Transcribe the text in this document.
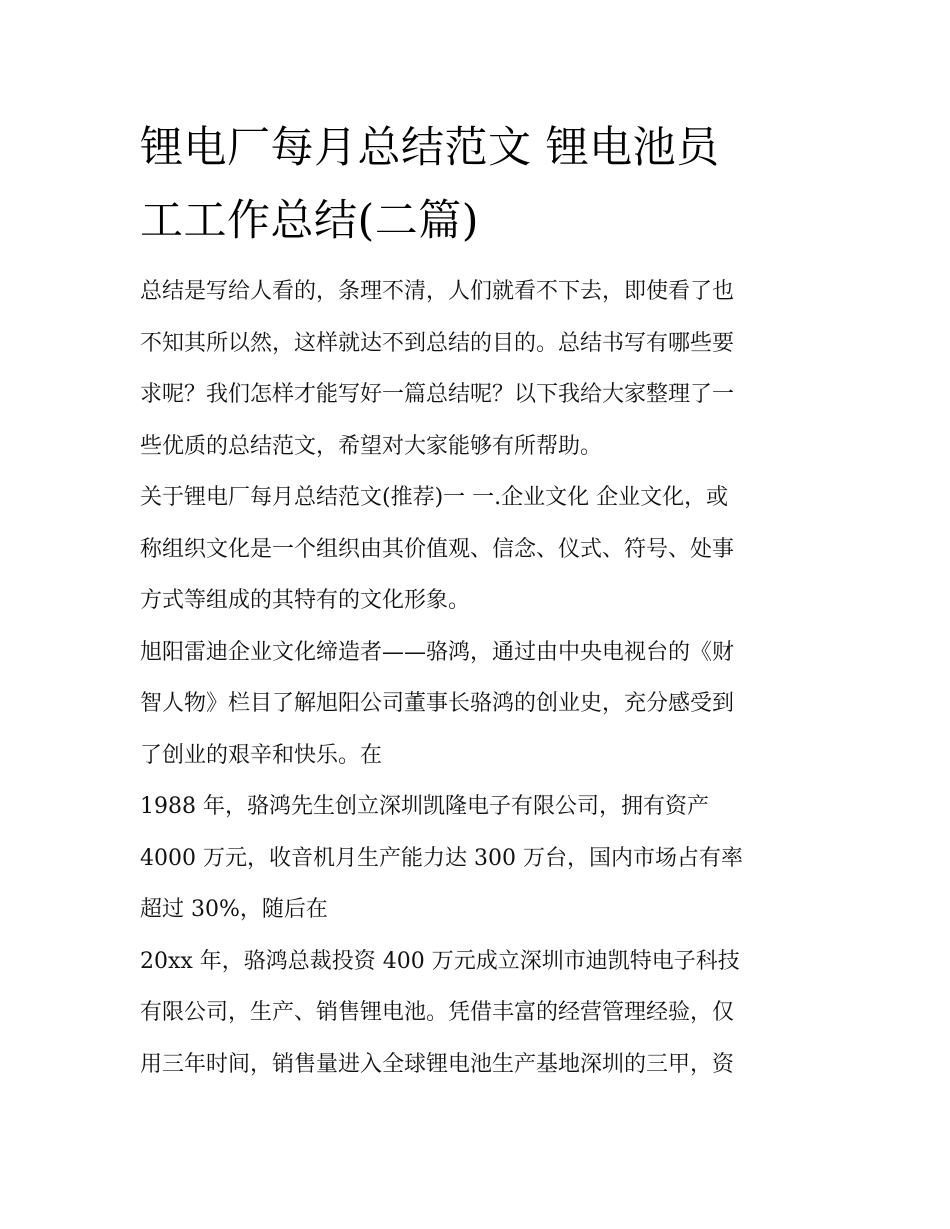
锂电厂每月总结范文 锂电池员
工工作总结(二篇)

总结是写给人看的，条理不清，人们就看不下去，即使看了也
不知其所以然，这样就达不到总结的目的。总结书写有哪些要
求呢？我们怎样才能写好一篇总结呢？以下我给大家整理了一
些优质的总结范文，希望对大家能够有所帮助。

关于锂电厂每月总结范文(推荐)一 一.企业文化 企业文化，或
称组织文化是一个组织由其价值观、信念、仪式、符号、处事
方式等组成的其特有的文化形象。

旭阳雷迪企业文化缔造者——骆鸿，通过由中央电视台的《财
智人物》栏目了解旭阳公司董事长骆鸿的创业史，充分感受到
了创业的艰辛和快乐。在

1988 年，骆鸿先生创立深圳凯隆电子有限公司，拥有资产
4000 万元，收音机月生产能力达 300 万台，国内市场占有率
超过 30%，随后在

20xx 年，骆鸿总裁投资 400 万元成立深圳市迪凯特电子科技
有限公司，生产、销售锂电池。凭借丰富的经营管理经验，仅
用三年时间，销售量进入全球锂电池生产基地深圳的三甲，资
